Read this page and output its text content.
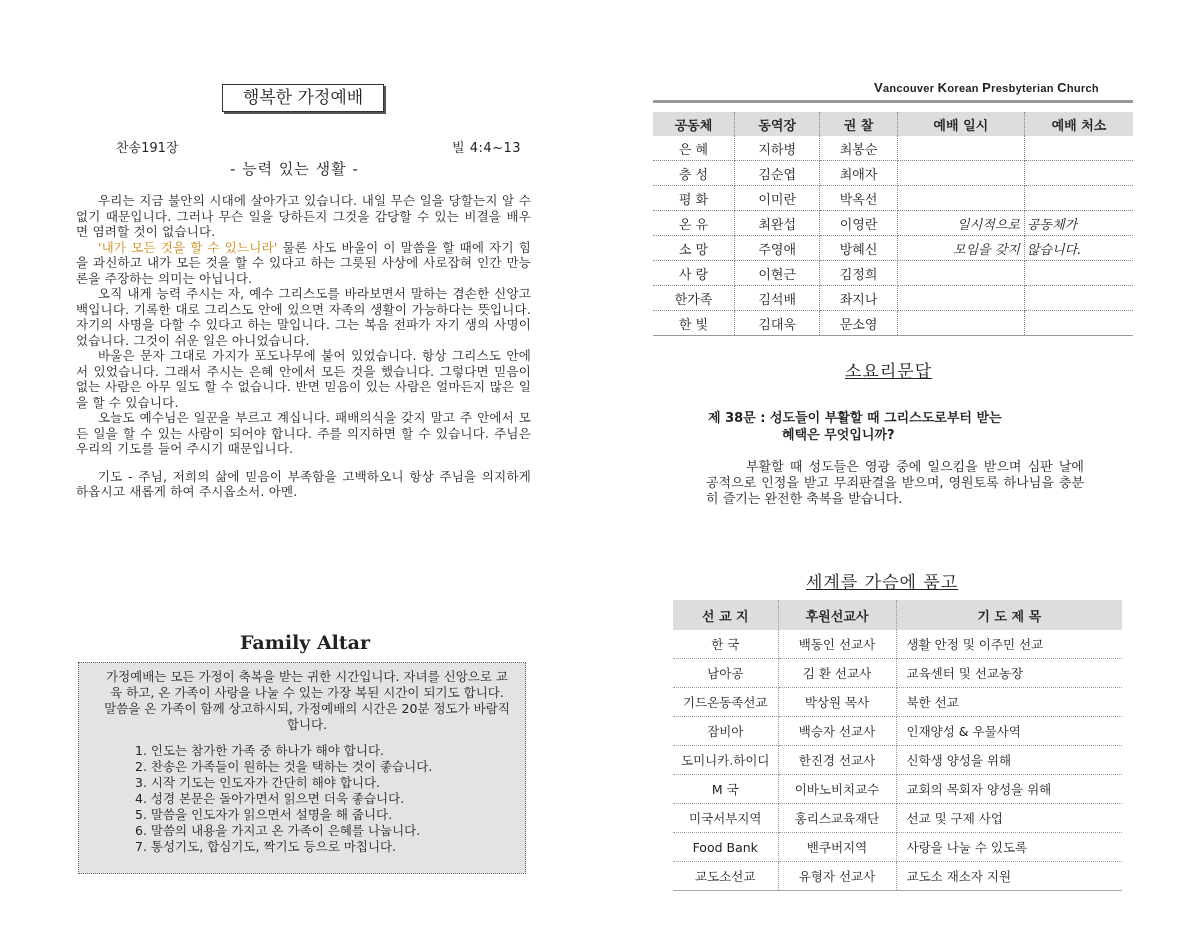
행복한 가정예배
찬송191장	빌 4:4~13
- 능력 있는 생활 -

우리는 지금 불안의 시대에 살아가고 있습니다. 내일 무슨 일을 당할는지 알 수 없기 때문입니다. 그러나 무슨 일을 당하든지 그것을 감당할 수 있는 비결을 배우면 염려할 것이 없습니다.

'내가 모든 것을 할 수 있느니라' 물론 사도 바울이 이 말씀을 할 때에 자기 힘을 과신하고 내가 모든 것을 할 수 있다고 하는 그릇된 사상에 사로잡혀 인간 만능론을 주장하는 의미는 아닙니다.

오직 내게 능력 주시는 자, 예수 그리스도를 바라보면서 말하는 겸손한 신앙고백입니다. 기록한 대로 그리스도 안에 있으면 자족의 생활이 가능하다는 뜻입니다. 자기의 사명을 다할 수 있다고 하는 말입니다. 그는 복음 전파가 자기 생의 사명이었습니다. 그것이 쉬운 일은 아니었습니다.

바울은 문자 그대로 가지가 포도나무에 붙어 있었습니다. 항상 그리스도 안에서 있었습니다. 그래서 주시는 은혜 안에서 모든 것을 했습니다. 그렇다면 믿음이 없는 사람은 아무 일도 할 수 없습니다. 반면 믿음이 있는 사람은 얼마든지 많은 일을 할 수 있습니다.

오늘도 예수님은 일꾼을 부르고 계십니다. 패배의식을 갖지 말고 주 안에서 모든 일을 할 수 있는 사람이 되어야 합니다. 주를 의지하면 할 수 있습니다. 주님은 우리의 기도를 들어 주시기 때문입니다.

기도 - 주님, 저희의 삶에 믿음이 부족함을 고백하오니 항상 주님을 의지하게 하옵시고 새롭게 하여 주시옵소서. 아멘.

Family Altar

가정예배는 모든 가정이 축복을 받는 귀한 시간입니다. 자녀를 신앙으로 교육 하고, 온 가족이 사랑을 나눌 수 있는 가장 복된 시간이 되기도 합니다. 말씀을 온 가족이 함께 상고하시되, 가정예배의 시간은 20분 정도가 바람직합니다.

1. 인도는 참가한 가족 중 하나가 해야 합니다.
2. 찬송은 가족들이 원하는 것을 택하는 것이 좋습니다.
3. 시작 기도는 인도자가 간단히 해야 합니다.
4. 성경 본문은 돌아가면서 읽으면 더욱 좋습니다.
5. 말씀을 인도자가 읽으면서 설명을 해 줍니다.
6. 말씀의 내용을 가지고 온 가족이 은혜를 나눕니다.
7. 통성기도, 합심기도, 짝기도 등으로 마칩니다.
Vancouver Korean Presbyterian Church
공동체	동역장	권 찰	예배 일시	예배 처소
은 혜	지하병	최봉순		
충 성	김순엽	최애자		
평 화	이미란	박옥선		
온 유	최완섭	이영란	일시적으로	공동체가
소 망	주영애	방혜신	모임을 갖지	않습니다.
사 랑	이현근	김정희		
한가족	김석배	좌지나		
한 빛	김대욱	문소영		
소요리문답
제 38문 : 성도들이 부활할 때 그리스도로부터 받는
혜택은 무엇입니까?

부활할 때 성도들은 영광 중에 일으킴을 받으며 심판 날에 공적으로 인정을 받고 무죄판결을 받으며, 영원토록 하나님을 충분히 즐기는 완전한 축복을 받습니다.

세계를 가슴에 품고
선 교 지	후원선교사	기 도 제 목
한 국	백동인 선교사	생활 안정 및 이주민 선교
남아공	김 환 선교사	교육센터 및 선교농장
기드온동족선교	박상원 목사	북한 선교
잠비아	백승자 선교사	인재양성 & 우물사역
도미니카.하이디	한진경 선교사	신학생 양성을 위해
M 국	이바노비치교수	교회의 목회자 양성을 위해
미국서부지역	홍리스교육재단	선교 및 구제 사업
Food Bank	밴쿠버지역	사랑을 나눌 수 있도록
교도소선교	유형자 선교사	교도소 재소자 지원
